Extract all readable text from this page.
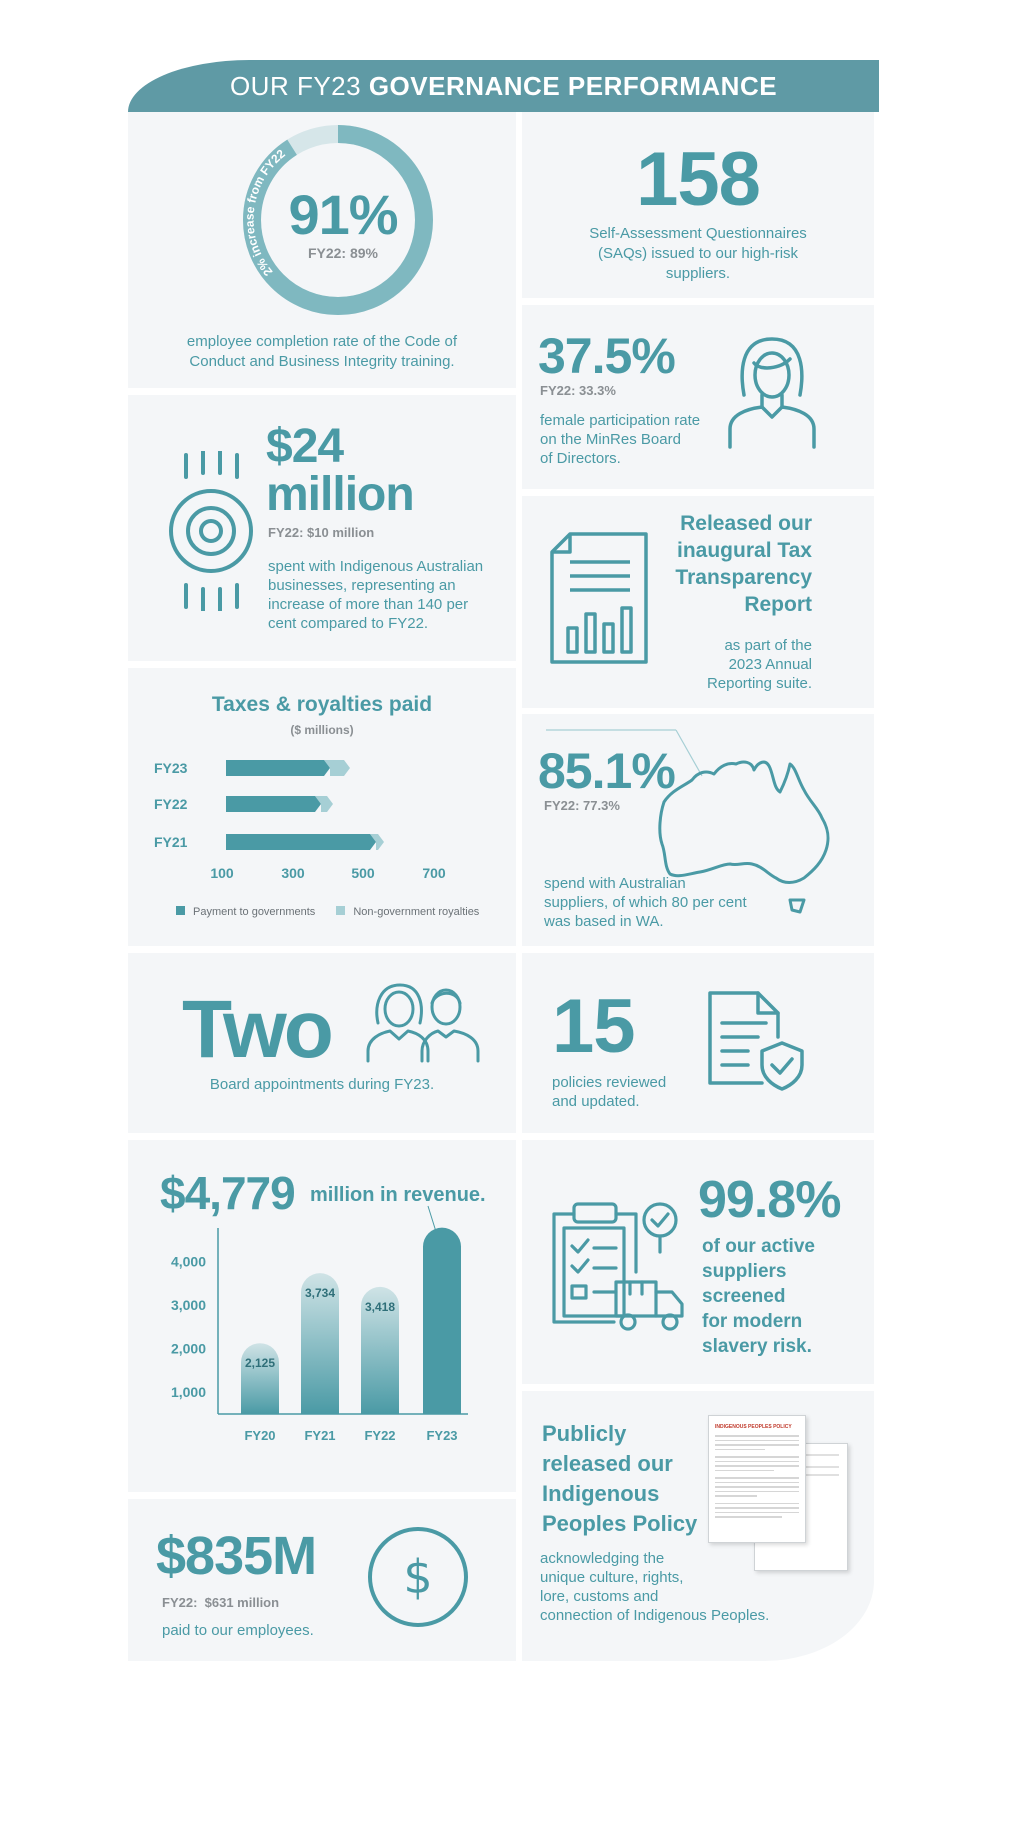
OUR FY23 GOVERNANCE PERFORMANCE
2% increase from FY22
91%
FY22: 89%
employee completion rate of the Code of
Conduct and Business Integrity training.
158
Self-Assessment Questionnaires
(SAQs) issued to our high-risk
suppliers.
37.5%
FY22: 33.3%
female participation rate
on the MinRes Board
of Directors.
$24
million
FY22: $10 million
spent with Indigenous Australian
businesses, representing an
increase of more than 140 per
cent compared to FY22.
Released our
inaugural Tax
Transparency
Report
as part of the
2023 Annual
Reporting suite.
Taxes & royalties paid
($ millions)
FY23
FY22
FY21
100	300	500	700
Payment to governments	Non-government royalties
85.1%
FY22: 77.3%
spend with Australian
suppliers, of which 80 per cent
was based in WA.
Two
Board appointments during FY23.
15
policies reviewed
and updated.
$4,779 million in revenue.
1,000
2,000
3,000
4,000
2,125
FY20
3,734
FY21
3,418
FY22 FY23
99.8%
of our active
suppliers
screened
for modern
slavery risk.
Publicly
released our
Indigenous
Peoples Policy
acknowledging the
unique culture, rights,
lore, customs and
connection of Indigenous Peoples.
INDIGENOUS PEOPLES POLICY
$835M
FY22: $631 million
paid to our employees.
$
